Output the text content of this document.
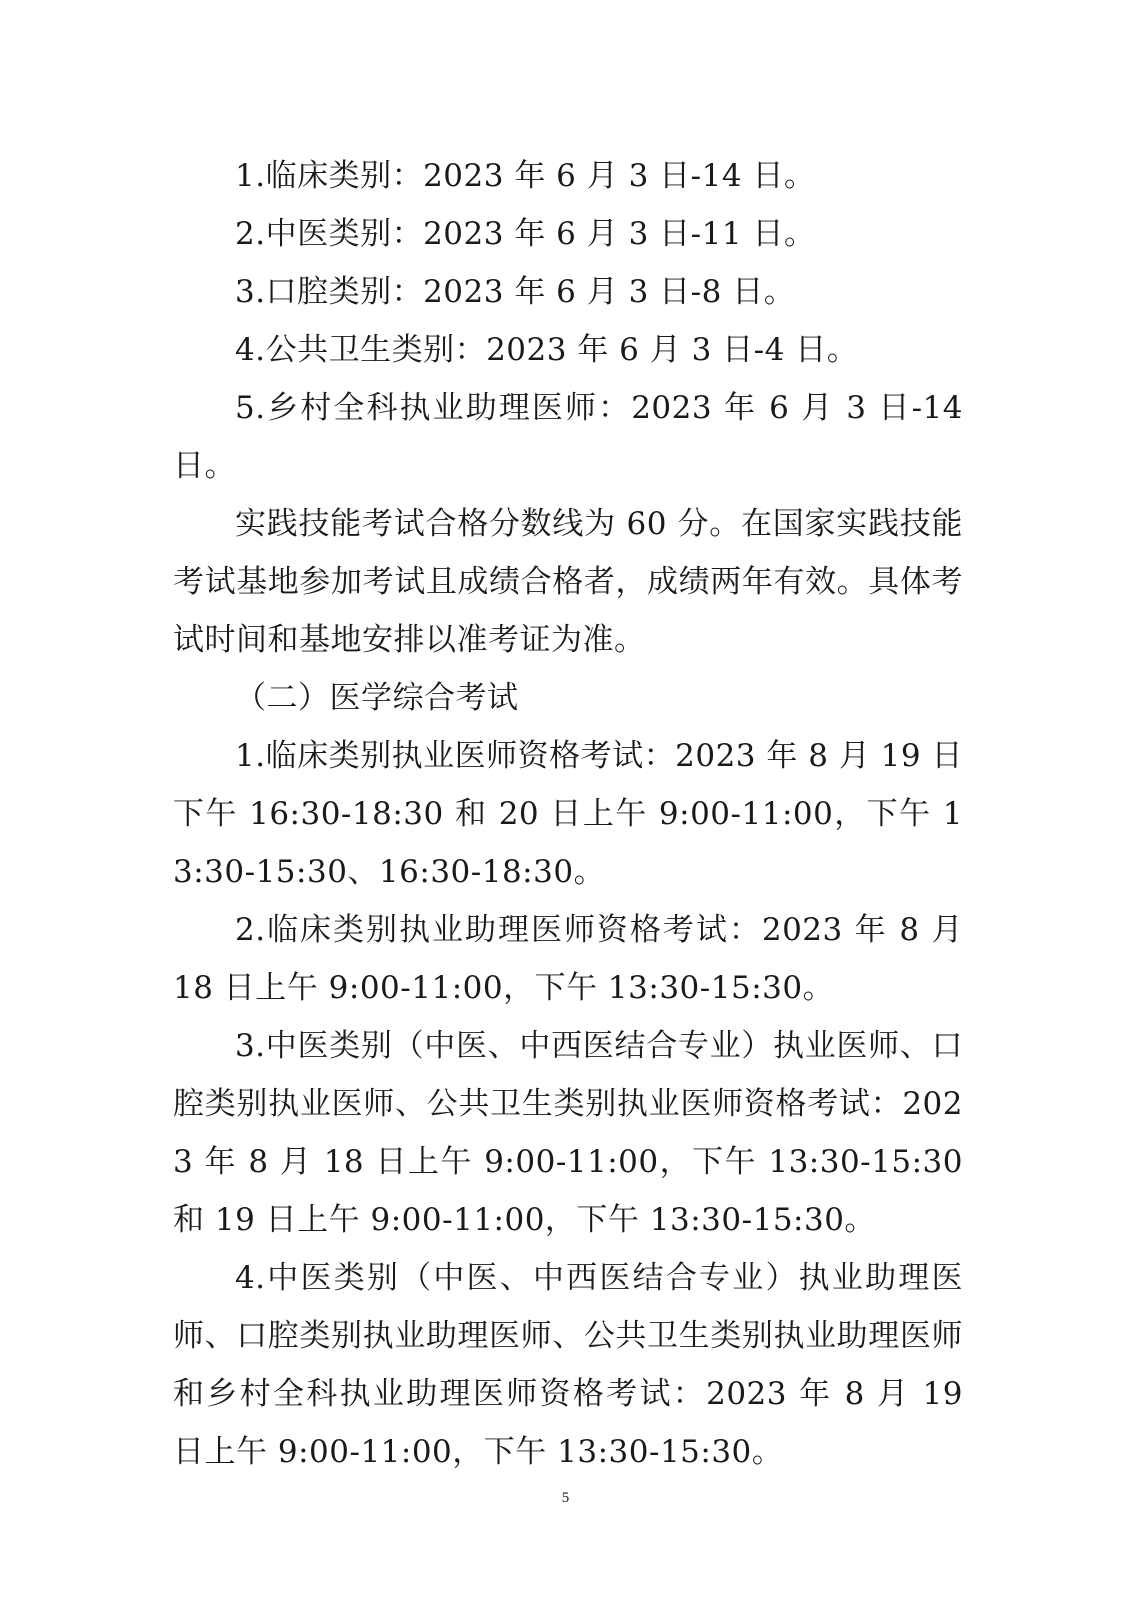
1.临床类别：2023 年 6 月 3 日-14 日。

2.中医类别：2023 年 6 月 3 日-11 日。

3.口腔类别：2023 年 6 月 3 日-8 日。

4.公共卫生类别：2023 年 6 月 3 日-4 日。

5.乡村全科执业助理医师：2023 年 6 月 3 日-14 日。

实践技能考试合格分数线为 60 分。在国家实践技能考试基地参加考试且成绩合格者，成绩两年有效。具体考试时间和基地安排以准考证为准。

（二）医学综合考试

1.临床类别执业医师资格考试：2023 年 8 月 19 日下午 16:30-18:30 和 20 日上午 9:00-11:00，下午 13:30-15:30、16:30-18:30。

2.临床类别执业助理医师资格考试：2023 年 8 月 18 日上午 9:00-11:00，下午 13:30-15:30。

3.中医类别（中医、中西医结合专业）执业医师、口腔类别执业医师、公共卫生类别执业医师资格考试：2023 年 8 月 18 日上午 9:00-11:00，下午 13:30-15:30 和 19 日上午 9:00-11:00，下午 13:30-15:30。

4.中医类别（中医、中西医结合专业）执业助理医师、口腔类别执业助理医师、公共卫生类别执业助理医师和乡村全科执业助理医师资格考试：2023 年 8 月 19 日上午 9:00-11:00，下午 13:30-15:30。

5
